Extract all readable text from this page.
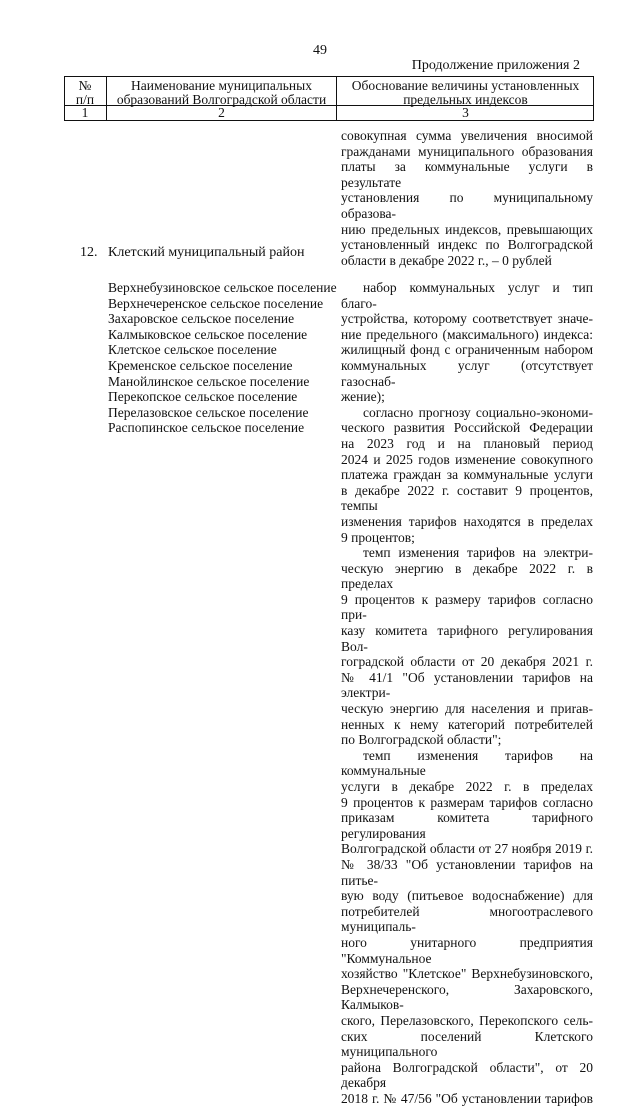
49
Продолжение приложения 2
№
п/п
Наименование муниципальных
образований Волгоградской области
Обоснование величины установленных
предельных индексов
1	2	3
совокупная сумма увеличения вносимой
гражданами муниципального образования
платы за коммунальные услуги в результате
установления по муниципальному образова-
нию предельных индексов, превышающих
установленный индекс по Волгоградской
области в декабре 2022 г., – 0 рублей
12. Клетский муниципальный район
Верхнебузиновское сельское поселение
Верхнечеренское сельское поселение
Захаровское сельское поселение
Калмыковское сельское поселение
Клетское сельское поселение
Кременское сельское поселение
Манойлинское сельское поселение
Перекопское сельское поселение
Перелазовское сельское поселение
Распопинское сельское поселение
набор коммунальных услуг и тип благо-
устройства, которому соответствует значе-
ние предельного (максимального) индекса:
жилищный фонд с ограниченным набором
коммунальных услуг (отсутствует газоснаб-
жение);
согласно прогнозу социально-экономи-
ческого развития Российской Федерации
на 2023 год и на плановый период
2024 и 2025 годов изменение совокупного
платежа граждан за коммунальные услуги
в декабре 2022 г. составит 9 процентов, темпы
изменения тарифов находятся в пределах
9 процентов;
темп изменения тарифов на электри-
ческую энергию в декабре 2022 г. в пределах
9 процентов к размеру тарифов согласно при-
казу комитета тарифного регулирования Вол-
гоградской области от 20 декабря 2021 г.
№ 41/1 "Об установлении тарифов на электри-
ческую энергию для населения и приrав-
ненных к нему категорий потребителей
по Волгоградской области";
темп изменения тарифов на коммунальные
услуги в декабре 2022 г. в пределах
9 процентов к размерам тарифов согласно
приказам комитета тарифного регулирования
Волгоградской области от 27 ноября 2019 г.
№ 38/33 "Об установлении тарифов на питье-
вую воду (питьевое водоснабжение) для
потребителей многоотраслевого муниципаль-
ного унитарного предприятия "Коммунальное
хозяйство "Клетское" Верхнебузиновского,
Верхнечеренского, Захаровского, Калмыков-
ского, Перелазовского, Перекопского сель-
ских поселений Клетского муниципального
района Волгоградской области", от 20 декабря
2018 г. № 47/56 "Об установлении тарифов
